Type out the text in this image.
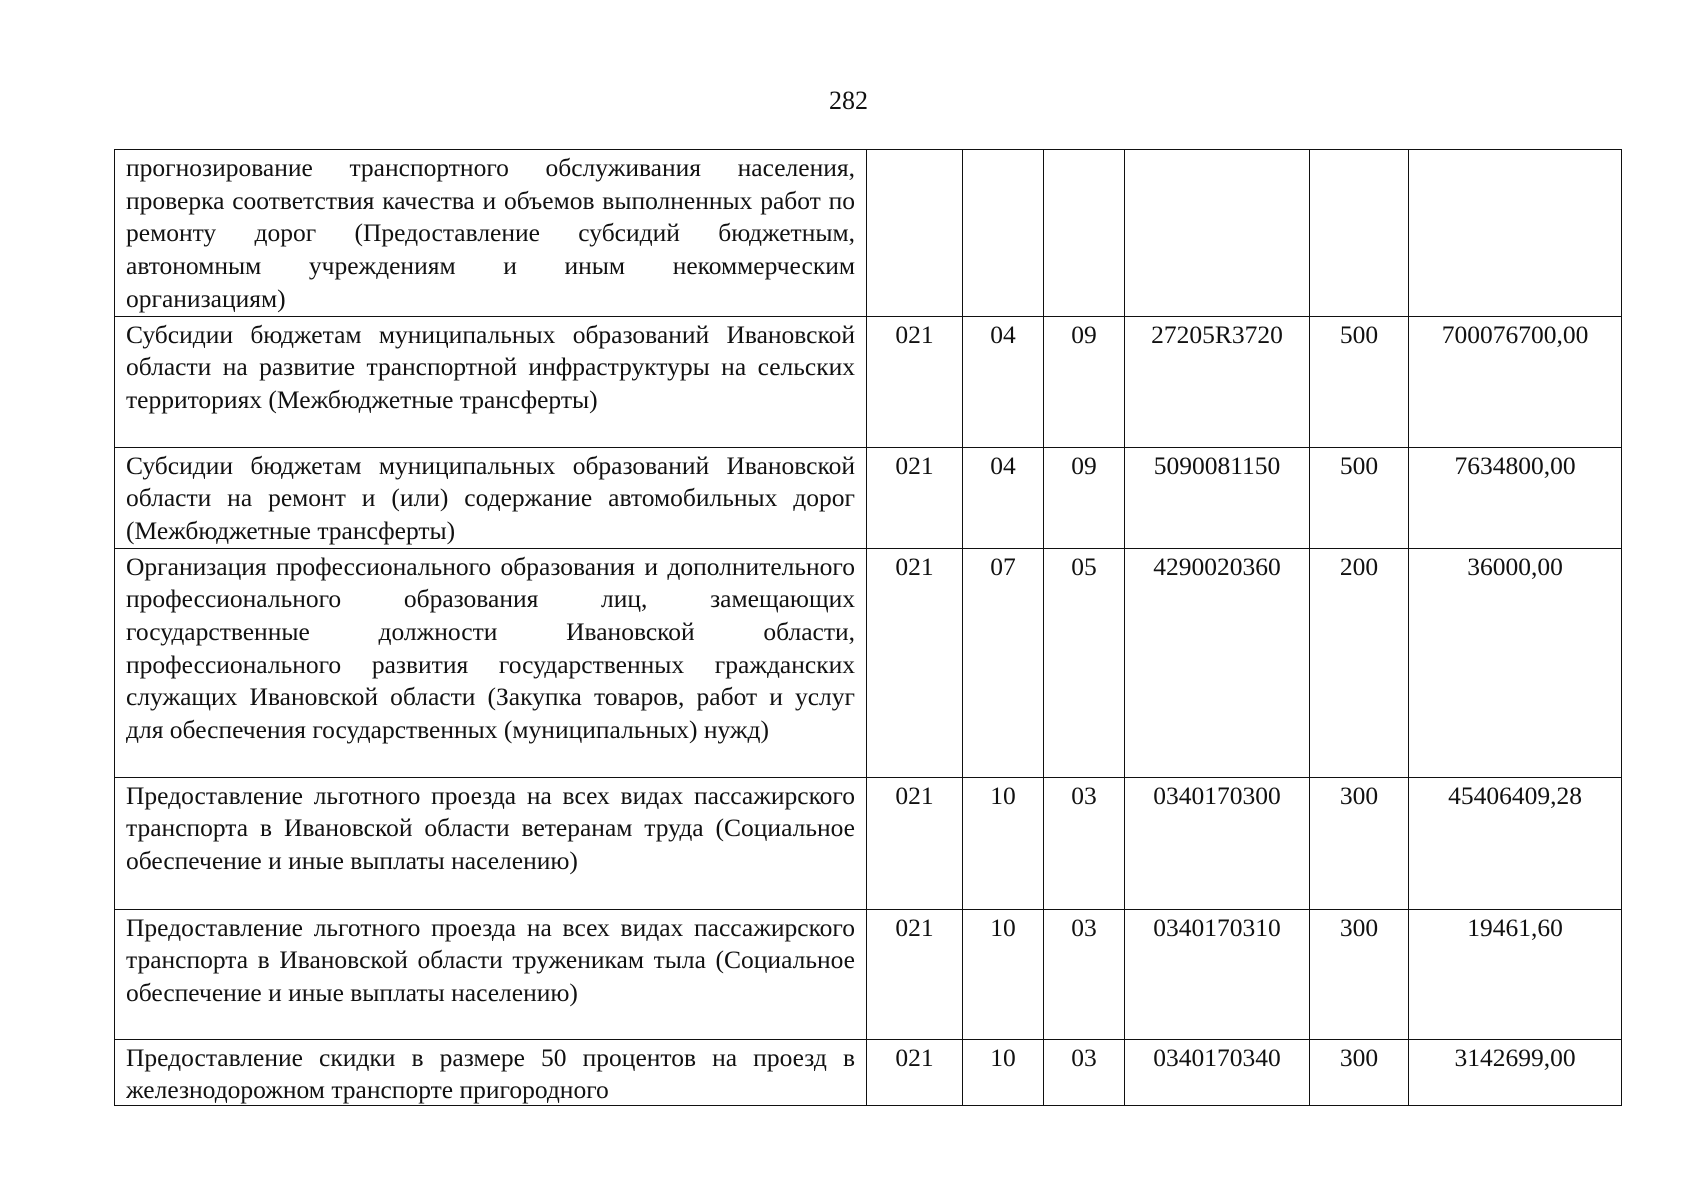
282
прогнозирование транспортного обслуживания населения, проверка соответствия качества и объемов выполненных работ по ремонту дорог (Предоставление субсидий бюджетным, автономным учреждениям и иным некоммерческим организациям)						
Субсидии бюджетам муниципальных образований Ивановской области на развитие транспортной инфраструктуры на сельских территориях (Межбюджетные трансферты)	021	04	09	27205R3720	500	700076700,00
Субсидии бюджетам муниципальных образований Ивановской области на ремонт и (или) содержание автомобильных дорог (Межбюджетные трансферты)	021	04	09	5090081150	500	7634800,00
Организация профессионального образования и дополнительного профессионального образования лиц, замещающих государственные должности Ивановской области, профессионального развития государственных гражданских служащих Ивановской области (Закупка товаров, работ и услуг для обеспечения государственных (муниципальных) нужд)	021	07	05	4290020360	200	36000,00
Предоставление льготного проезда на всех видах пассажирского транспорта в Ивановской области ветеранам труда (Социальное обеспечение и иные выплаты населению)	021	10	03	0340170300	300	45406409,28
Предоставление льготного проезда на всех видах пассажирского транспорта в Ивановской области труженикам тыла (Социальное обеспечение и иные выплаты населению)	021	10	03	0340170310	300	19461,60

Предоставление скидки в размере 50 процентов на проезд в железнодорожном транспорте пригородного	021	10	03	0340170340	300	3142699,00
